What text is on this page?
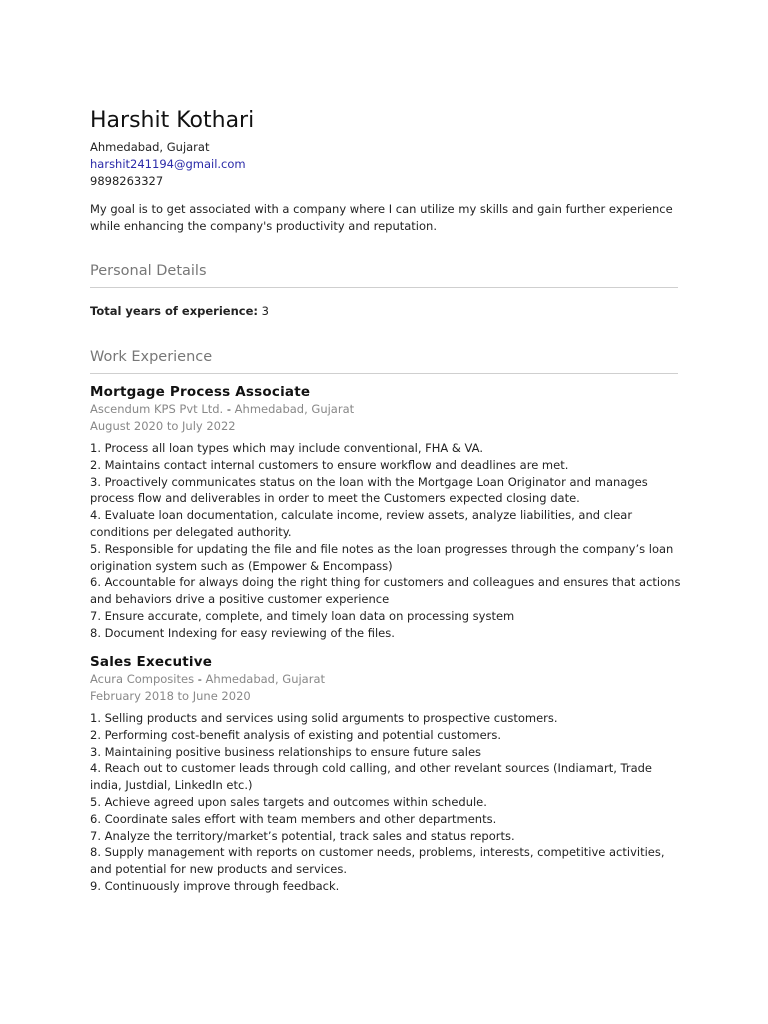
Harshit Kothari
Ahmedabad, Gujarat
harshit241194@gmail.com
9898263327
My goal is to get associated with a company where I can utilize my skills and gain further experience while enhancing the company's productivity and reputation.
Personal Details
Total years of experience: 3
Work Experience
Mortgage Process Associate
Ascendum KPS Pvt Ltd. - Ahmedabad, Gujarat
August 2020 to July 2022
1. Process all loan types which may include conventional, FHA & VA.
2. Maintains contact internal customers to ensure workflow and deadlines are met.
3. Proactively communicates status on the loan with the Mortgage Loan Originator and manages process flow and deliverables in order to meet the Customers expected closing date.
4. Evaluate loan documentation, calculate income, review assets, analyze liabilities, and clear conditions per delegated authority.
5. Responsible for updating the file and file notes as the loan progresses through the company’s loan origination system such as (Empower & Encompass)
6. Accountable for always doing the right thing for customers and colleagues and ensures that actions and behaviors drive a positive customer experience
7. Ensure accurate, complete, and timely loan data on processing system
8. Document Indexing for easy reviewing of the files.
Sales Executive
Acura Composites - Ahmedabad, Gujarat
February 2018 to June 2020
1. Selling products and services using solid arguments to prospective customers.
2. Performing cost-benefit analysis of existing and potential customers.
3. Maintaining positive business relationships to ensure future sales
4. Reach out to customer leads through cold calling, and other revelant sources (Indiamart, Trade india, Justdial, LinkedIn etc.)
5. Achieve agreed upon sales targets and outcomes within schedule.
6. Coordinate sales effort with team members and other departments.
7. Analyze the territory/market’s potential, track sales and status reports.
8. Supply management with reports on customer needs, problems, interests, competitive activities, and potential for new products and services.
9. Continuously improve through feedback.
